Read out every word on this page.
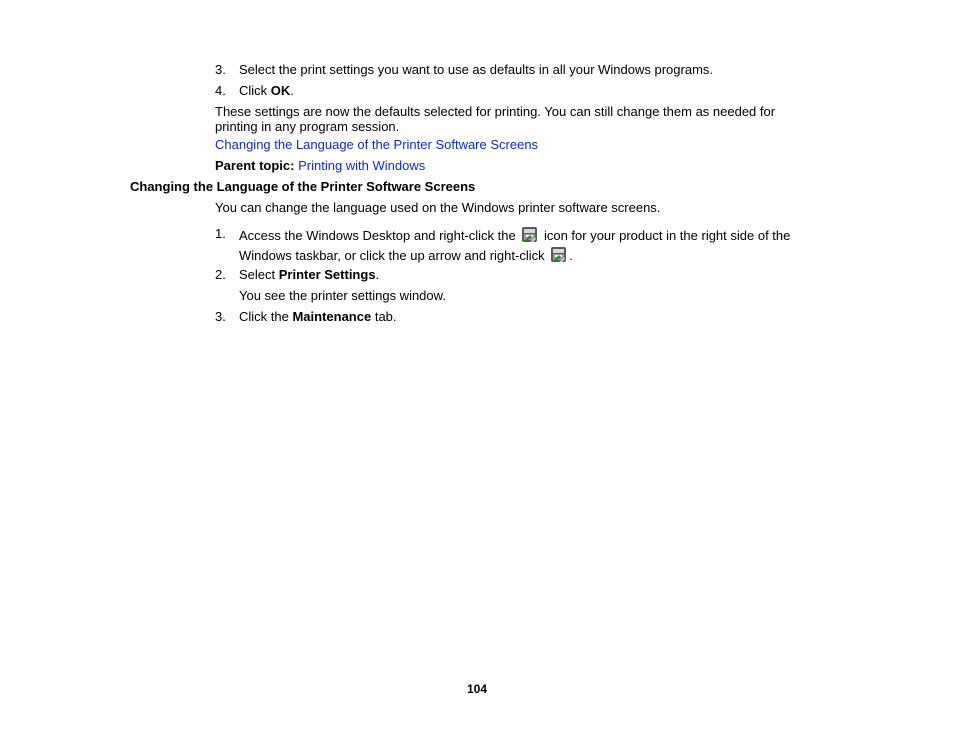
3. Select the print settings you want to use as defaults in all your Windows programs.
4. Click OK.
These settings are now the defaults selected for printing. You can still change them as needed for
printing in any program session.
Changing the Language of the Printer Software Screens
Parent topic: Printing with Windows
Changing the Language of the Printer Software Screens
You can change the language used on the Windows printer software screens.
1. Access the Windows Desktop and right-click the  icon for your product in the right side of the
Windows taskbar, or click the up arrow and right-click .
2. Select Printer Settings.
You see the printer settings window.
3. Click the Maintenance tab.
104
